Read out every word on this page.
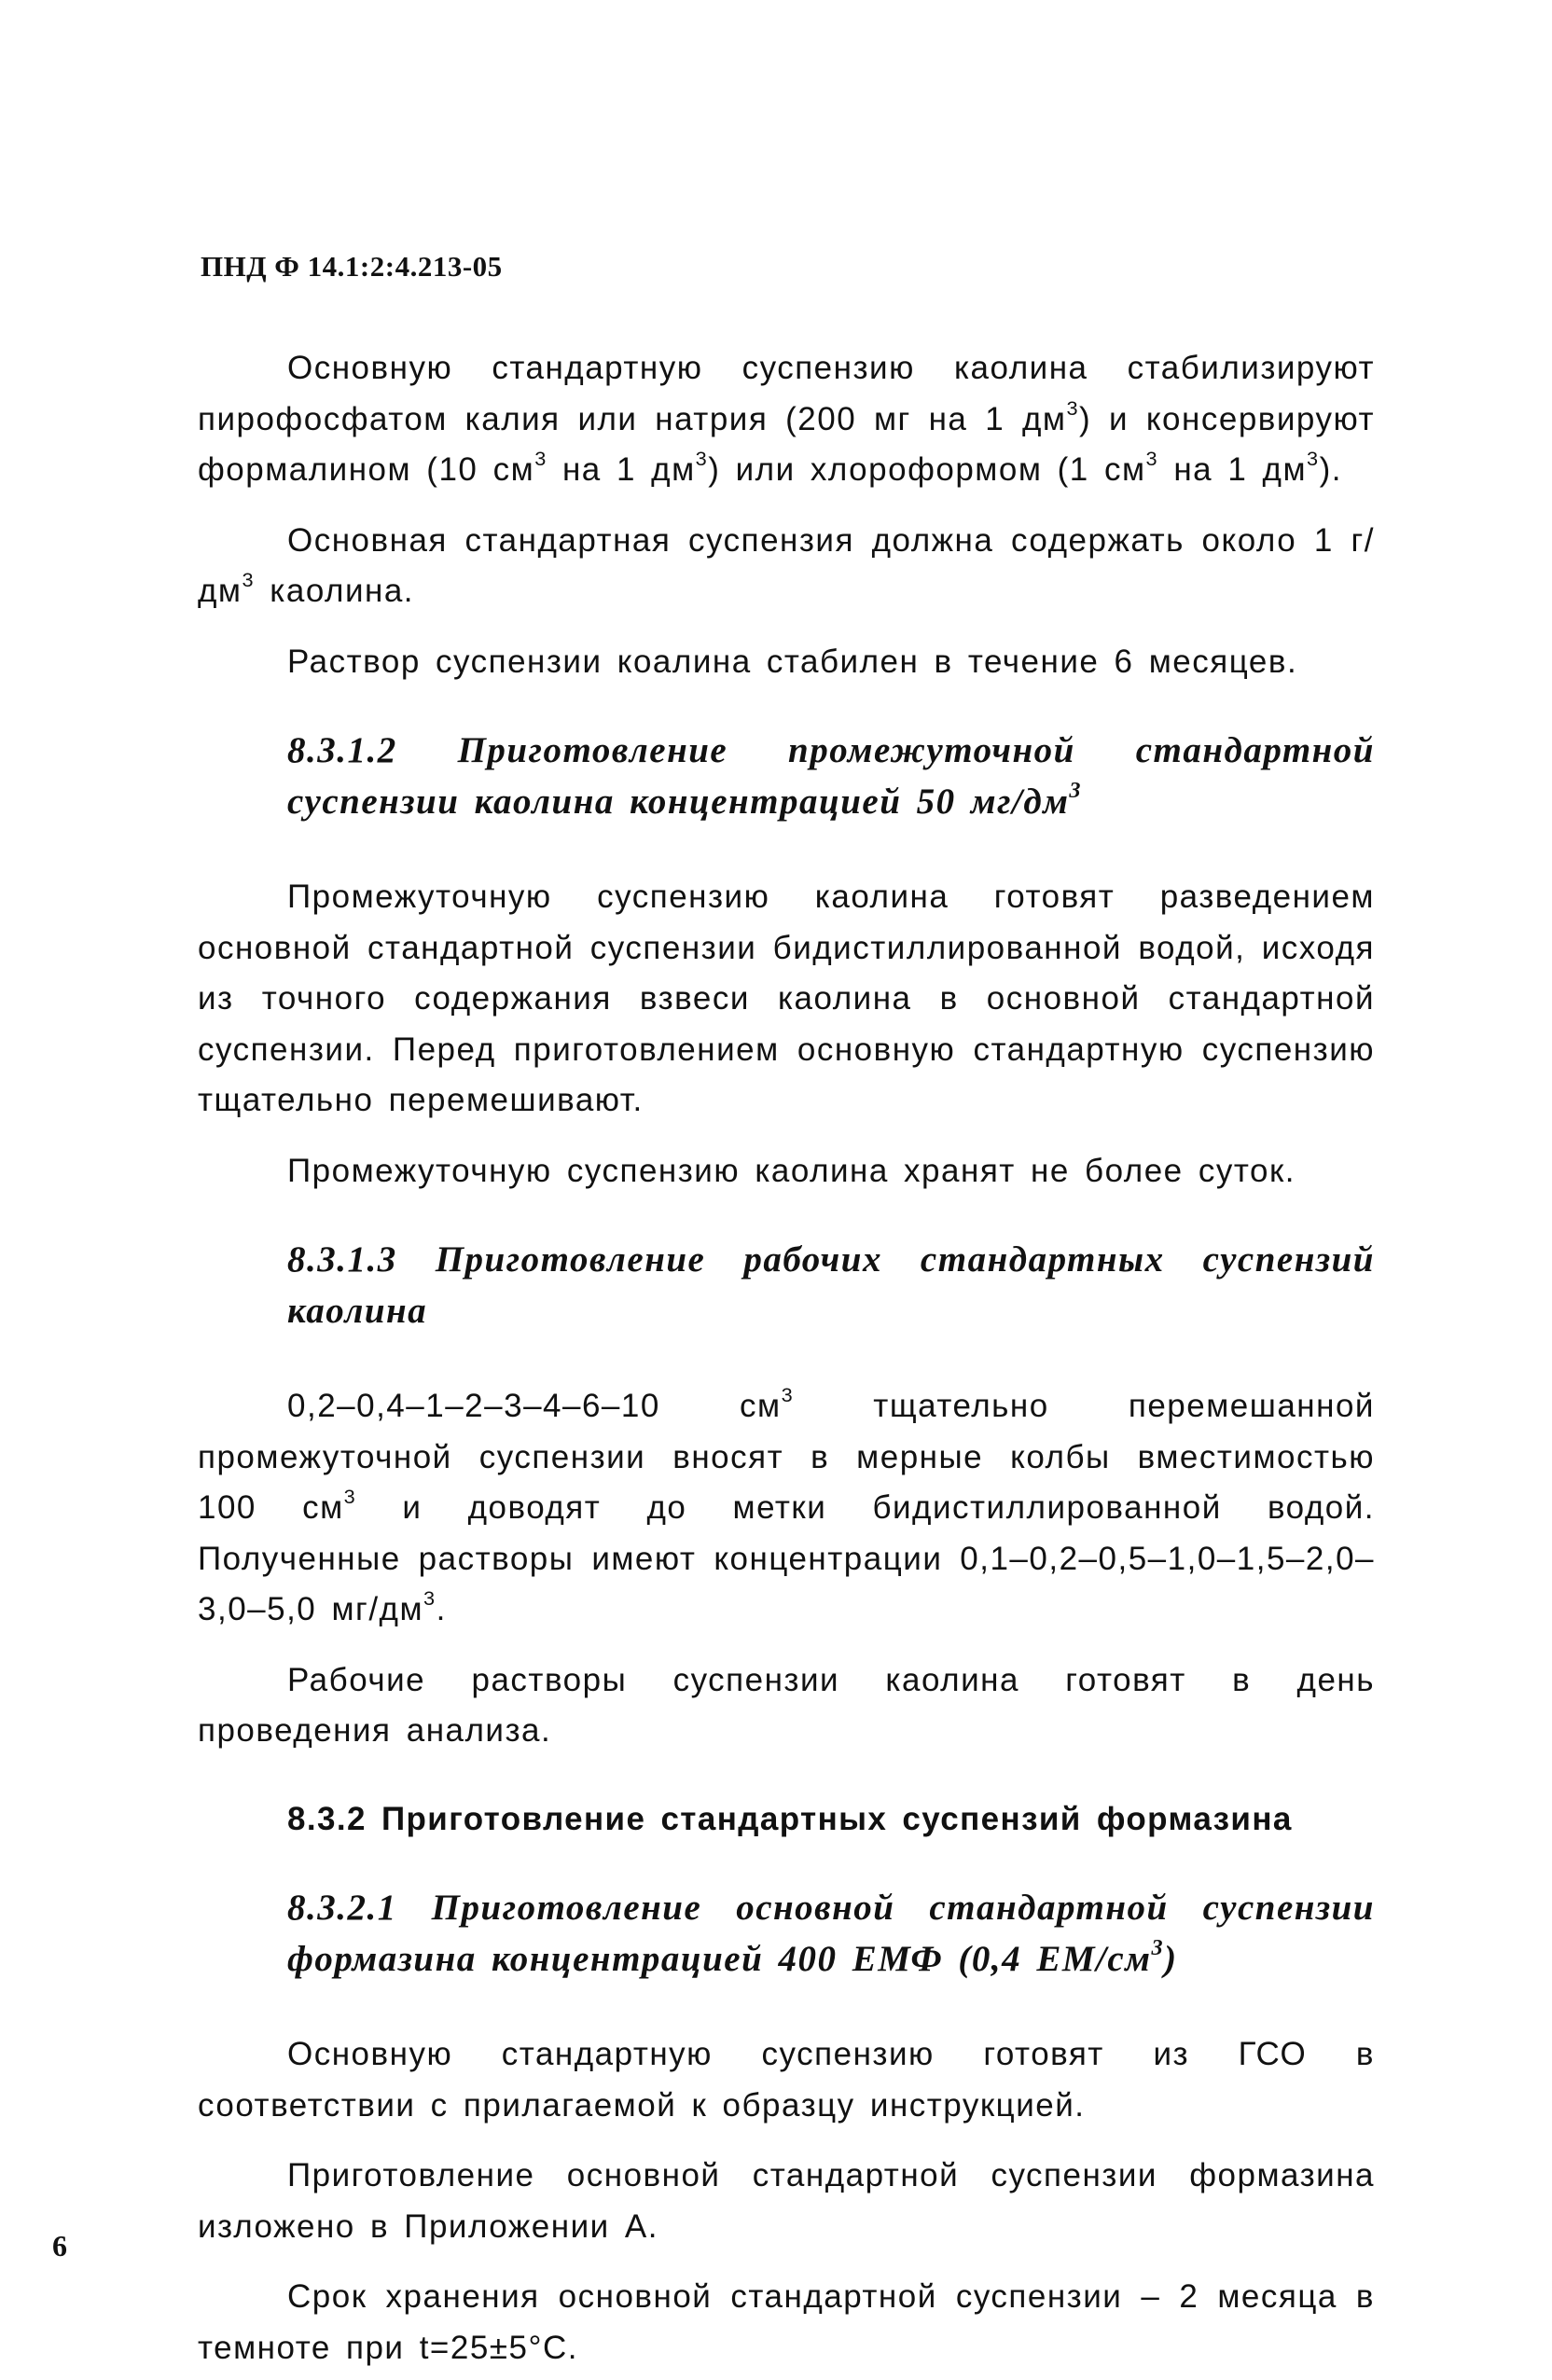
ПНД Ф 14.1:2:4.213-05

Основную стандартную суспензию каолина стабилизируют пирофосфатом калия или натрия (200 мг на 1 $дм^3$) и консервируют формалином (10 $см^3$ на 1 $дм^3$) или хлороформом (1 $см^3$ на 1 $дм^3$).

Основная стандартная суспензия должна содержать около 1 $г/дм^3$ каолина.

Раствор суспензии коалина стабилен в течение 6 месяцев.

8.3.1.2 Приготовление промежуточной стандартной суспензии каолина концентрацией 50 $мг/дм^3$

Промежуточную суспензию каолина готовят разведением основной стандартной суспензии бидистиллированной водой, исходя из точного содержания взвеси каолина в основной стандартной суспензии. Перед приготовлением основную стандартную суспензию тщательно перемешивают.

Промежуточную суспензию каолина хранят не более суток.

8.3.1.3 Приготовление рабочих стандартных суспензий каолина

0,2–0,4–1–2–3–4–6–10 $см^3$ тщательно перемешанной промежуточной суспензии вносят в мерные колбы вместимостью 100 $см^3$ и доводят до метки бидистиллированной водой. Полученные растворы имеют концентрации 0,1–0,2–0,5–1,0–1,5–2,0–3,0–5,0 $мг/дм^3$.

Рабочие растворы суспензии каолина готовят в день проведения анализа.

8.3.2 Приготовление стандартных суспензий формазина

8.3.2.1 Приготовление основной стандартной суспензии формазина концентрацией 400 ЕМФ (0,4 $ЕМ/см^3$)

Основную стандартную суспензию готовят из ГСО в соответствии с прилагаемой к образцу инструкцией.

Приготовление основной стандартной суспензии формазина изложено в Приложении А.

Срок хранения основной стандартной суспензии – 2 месяца в темноте при t=25±5°С.

6
